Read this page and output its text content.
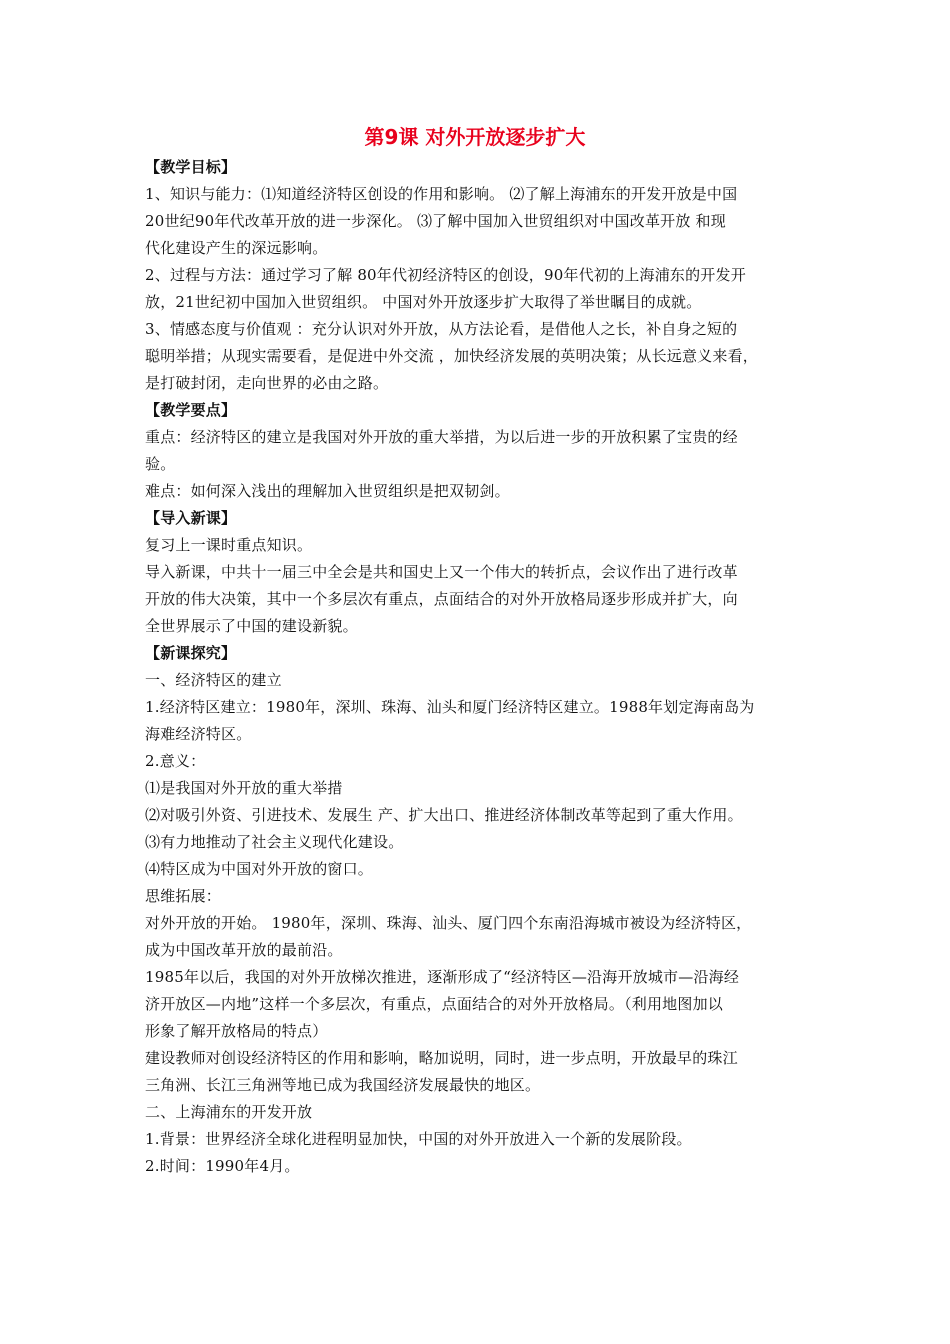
第9课 对外开放逐步扩大
【教学目标】
1、知识与能力：⑴知道经济特区创设的作用和影响。 ⑵了解上海浦东的开发开放是中国
20世纪90年代改革开放的进一步深化。 ⑶了解中国加入世贸组织对中国改革开放 和现
代化建设产生的深远影响。
2、过程与方法：通过学习了解 80年代初经济特区的创设，90年代初的上海浦东的开发开
放，21世纪初中国加入世贸组织。 中国对外开放逐步扩大取得了举世瞩目的成就。
3、情感态度与价值观 ：充分认识对外开放，从方法论看，是借他人之长，补自身之短的
聪明举措；从现实需要看，是促进中外交流 ，加快经济发展的英明决策；从长远意义来看，
是打破封闭，走向世界的必由之路。
【教学要点】
重点：经济特区的建立是我国对外开放的重大举措，为以后进一步的开放积累了宝贵的经
验。
难点：如何深入浅出的理解加入世贸组织是把双韧剑。
【导入新课】
复习上一课时重点知识。
导入新课，中共十一届三中全会是共和国史上又一个伟大的转折点，会议作出了进行改革
开放的伟大决策，其中一个多层次有重点，点面结合的对外开放格局逐步形成并扩大，向
全世界展示了中国的建设新貌。
【新课探究】
一、经济特区的建立
1.经济特区建立：1980年，深圳、珠海、汕头和厦门经济特区建立。1988年划定海南岛为
海难经济特区。
2.意义：
⑴是我国对外开放的重大举措
⑵对吸引外资、引进技术、发展生 产、扩大出口、推进经济体制改革等起到了重大作用。
⑶有力地推动了社会主义现代化建设。
⑷特区成为中国对外开放的窗口。
思维拓展：
对外开放的开始。 1980年，深圳、珠海、汕头、厦门四个东南沿海城市被设为经济特区，
成为中国改革开放的最前沿。
1985年以后，我国的对外开放梯次推进，逐渐形成了“经济特区—沿海开放城市—沿海经
济开放区—内地”这样一个多层次，有重点，点面结合的对外开放格局。（利用地图加以
形象了解开放格局的特点）
建设教师对创设经济特区的作用和影响，略加说明，同时，进一步点明，开放最早的珠江
三角洲、长江三角洲等地已成为我国经济发展最快的地区。
二、上海浦东的开发开放
1.背景：世界经济全球化进程明显加快，中国的对外开放进入一个新的发展阶段。
2.时间：1990年4月。
